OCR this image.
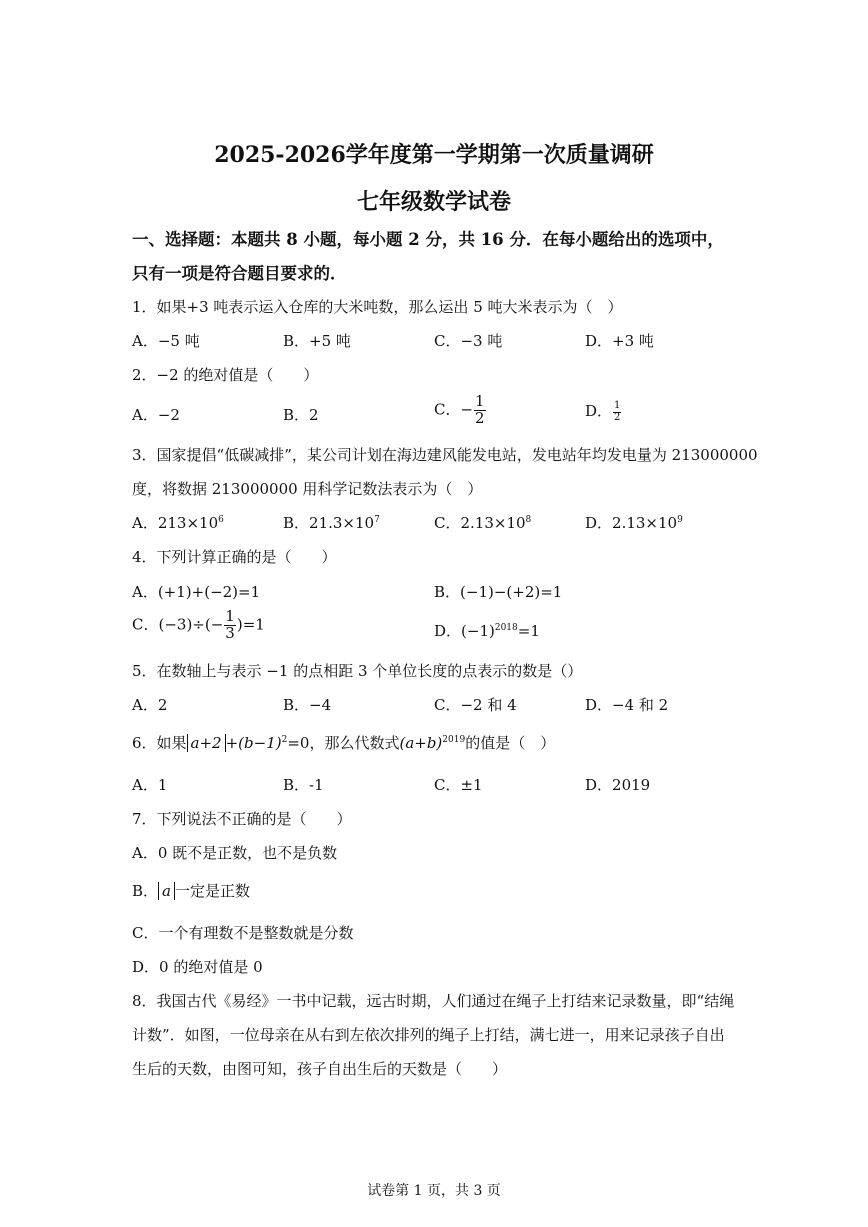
2025-2026学年度第一学期第一次质量调研
七年级数学试卷
一、选择题：本题共 8 小题，每小题 2 分，共 16 分．在每小题给出的选项中，
只有一项是符合题目要求的．
1．如果+3 吨表示运入仓库的大米吨数，那么运出 5 吨大米表示为（　）
A．−5 吨	B．+5 吨	C．−3 吨	D．+3 吨
2．−2 的绝对值是（　　）
A．−2	B．2	C．− $\frac{1}{2}$	D． $\frac{1}{2}$
3．国家提倡“低碳减排”，某公司计划在海边建风能发电站，发电站年均发电量为 213000000
度，将数据 213000000 用科学记数法表示为（　）
A．$213\times 10^6$	B．$21.3\times 10^7$	C．$2.13\times 10^8$	D．$2.13\times 10^9$
4．下列计算正确的是（　　）
A．(+1)+(−2)=1	B．(−1)−(+2)=1
C．$(-3)\div(- \frac{1}{3} )=1$	D．$(-1)^{2018}=1$
5．在数轴上与表示 −1 的点相距 3 个单位长度的点表示的数是（）
A．2	B．−4	C．−2 和 4	D．−4 和 2
6．如果 $a+2 +(b-1)^2=0$，那么代数式$(a+b)^{2019}$的值是（　）
A．1	B．-1	C．±1	D．2019
7．下列说法不正确的是（　　）
A．0 既不是正数，也不是负数
B． a 一定是正数
C．一个有理数不是整数就是分数
D．0 的绝对值是 0
8．我国古代《易经》一书中记载，远古时期，人们通过在绳子上打结来记录数量，即“结绳
计数”．如图，一位母亲在从右到左依次排列的绳子上打结，满七进一，用来记录孩子自出
生后的天数，由图可知，孩子自出生后的天数是（　　）
试卷第 1 页，共 3 页
